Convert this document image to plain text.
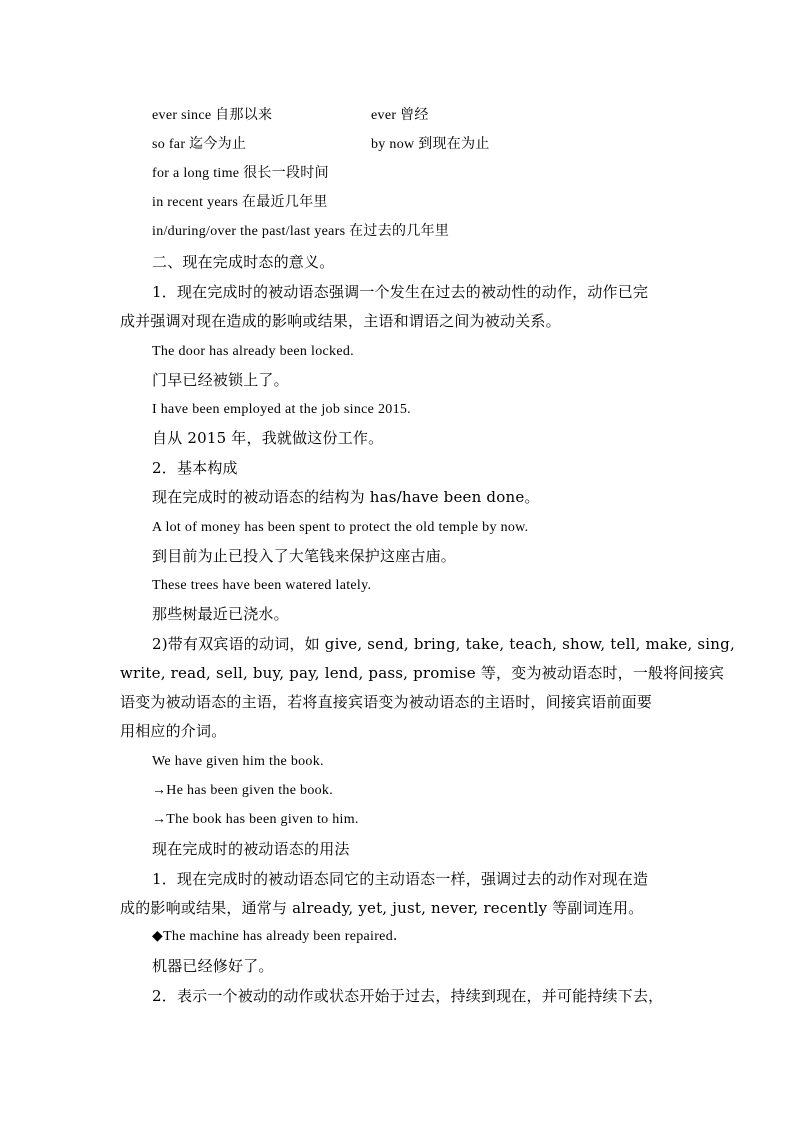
ever since 自那以来	ever 曾经
so far 迄今为止	by now 到现在为止
for a long time 很长一段时间
in recent years 在最近几年里
in/during/over the past/last years 在过去的几年里
二、现在完成时态的意义。
1．现在完成时的被动语态强调一个发生在过去的被动性的动作，动作已完
成并强调对现在造成的影响或结果，主语和谓语之间为被动关系。
The door has already been locked.
门早已经被锁上了。
I have been employed at the job since 2015.
自从 2015 年，我就做这份工作。
2．基本构成
现在完成时的被动语态的结构为 has/have been done。
A lot of money has been spent to protect the old temple by now.
到目前为止已投入了大笔钱来保护这座古庙。
These trees have been watered lately.
那些树最近已浇水。
2)带有双宾语的动词，如 give, send, bring, take, teach, show, tell, make, sing,
write, read, sell, buy, pay, lend, pass, promise 等，变为被动语态时，一般将间接宾
语变为被动语态的主语，若将直接宾语变为被动语态的主语时，间接宾语前面要
用相应的介词。
We have given him the book.
→He has been given the book.
→The book has been given to him.
现在完成时的被动语态的用法
1．现在完成时的被动语态同它的主动语态一样，强调过去的动作对现在造
成的影响或结果，通常与 already, yet, just, never, recently 等副词连用。
◆The machine has already been repaired．
机器已经修好了。
2．表示一个被动的动作或状态开始于过去，持续到现在，并可能持续下去，
